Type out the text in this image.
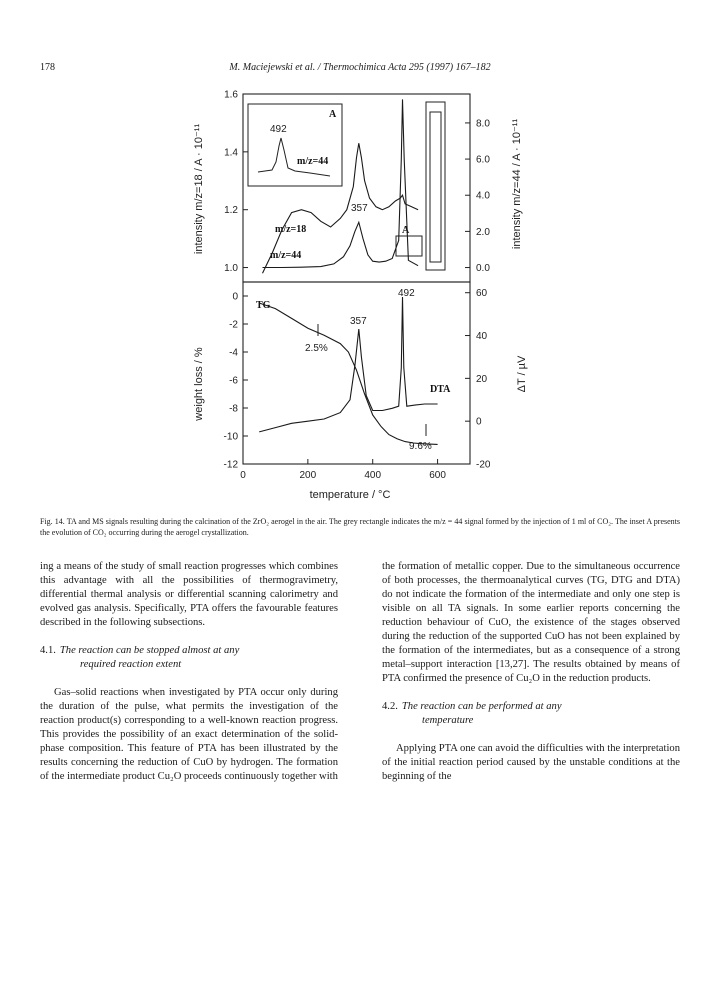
178	M. Maciejewski et al. / Thermochimica Acta 295 (1997) 167–182
intensity m/z=18 / A · 10⁻¹¹	intensity m/z=44 / A · 10⁻¹¹
weight loss / %	ΔT / µV
temperature / °C
A
492
m/z=44
A
357
m/z=18
m/z=44
TG
DTA
2.5%
9.6%
357
492
1.6
1.4
1.2
1.0
8.0
6.0
4.0
2.0
0.0
0
-2
-4
-6
-8
-10
-12
60
40
20
0
-20
0	200	400	600
Fig. 14. TA and MS signals resulting during the calcination of the ZrO₂ aerogel in the air. The grey rectangle indicates the m/z = 44 signal formed by the injection of 1 ml of CO₂. The inset A presents the evolution of CO₂ occurring during the aerogel crystallization.

ing a means of the study of small reaction progresses which combines this advantage with all the possibilities of thermogravimetry, differential thermal analysis or differential scanning calorimetry and evolved gas analysis. Specifically, PTA offers the favourable features described in the following subsections.

4.1. The reaction can be stopped almost at any
required reaction extent

Gas–solid reactions when investigated by PTA occur only during the duration of the pulse, what permits the investigation of the reaction product(s) corresponding to a well-known reaction progress. This provides the possibility of an exact determination of the solid-phase composition. This feature of PTA has been illustrated by the results concerning the reduction of CuO by hydrogen. The formation of the intermediate product Cu₂O proceeds continuously together with

the formation of metallic copper. Due to the simultaneous occurrence of both processes, the thermoanalytical curves (TG, DTG and DTA) do not indicate the formation of the intermediate and only one step is visible on all TA signals. In some earlier reports concerning the reduction behaviour of CuO, the existence of the stages observed during the reduction of the supported CuO has not been explained by the formation of the intermediates, but as a consequence of a strong metal–support interaction [13,27]. The results obtained by means of PTA confirmed the presence of Cu₂O in the reduction products.

4.2. The reaction can be performed at any
temperature

Applying PTA one can avoid the difficulties with the interpretation of the initial reaction period caused by the unstable conditions at the beginning of the
